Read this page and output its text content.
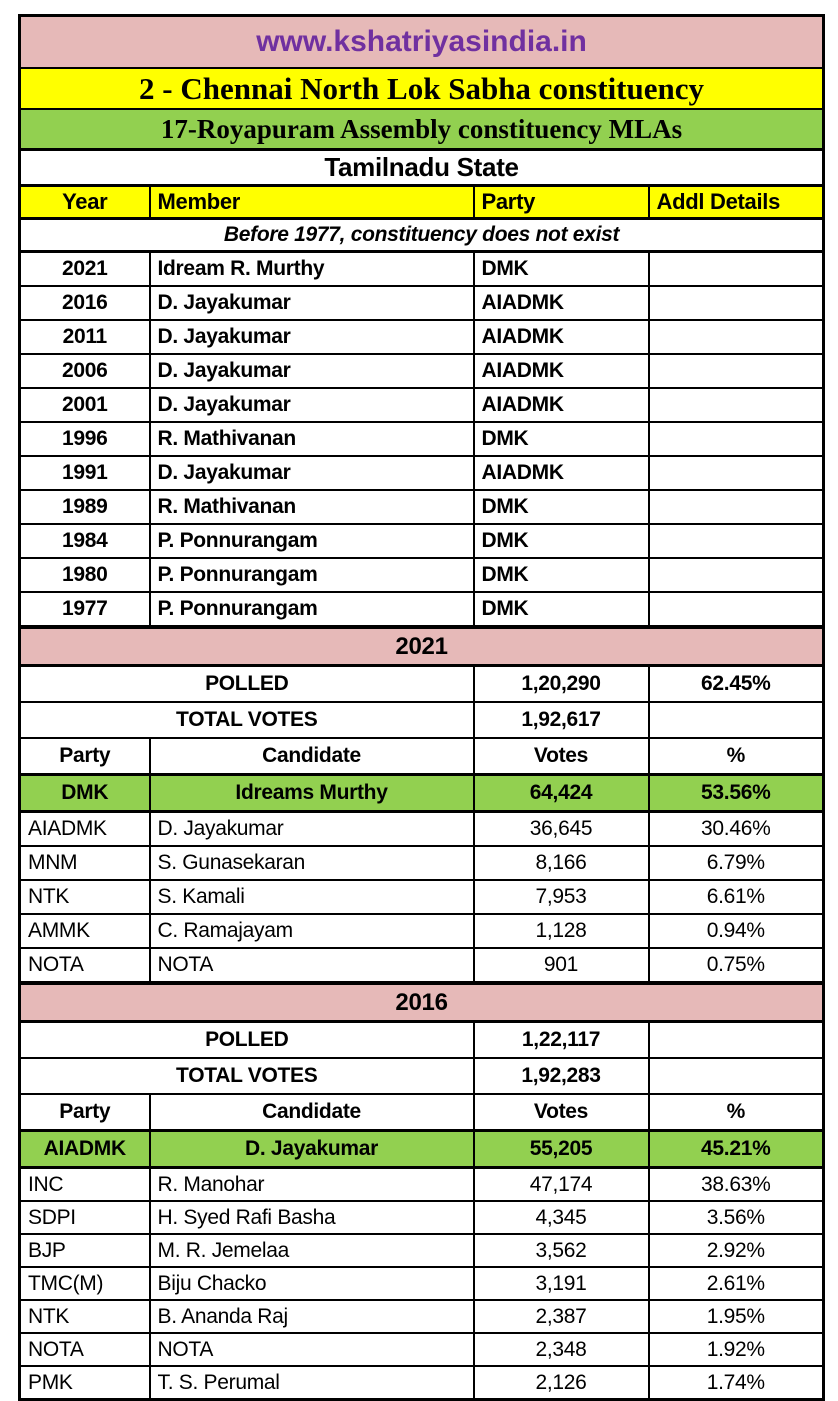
www.kshatriyasindia.in			
2 - Chennai North Lok Sabha constituency			
17-Royapuram Assembly constituency MLAs			
Tamilnadu State			
Year	Member	Party	Addl Details
Before 1977, constituency does not exist			
2021	Idream R. Murthy	DMK	
2016	D. Jayakumar	AIADMK	
2011	D. Jayakumar	AIADMK	
2006	D. Jayakumar	AIADMK	
2001	D. Jayakumar	AIADMK	
1996	R. Mathivanan	DMK	
1991	D. Jayakumar	AIADMK	
1989	R. Mathivanan	DMK	
1984	P. Ponnurangam	DMK	
1980	P. Ponnurangam	DMK	
1977	P. Ponnurangam	DMK	
2021			
POLLED		1,20,290	62.45%
TOTAL VOTES		1,92,617	
Party	Candidate	Votes	%
DMK	Idreams Murthy	64,424	53.56%
AIADMK	D. Jayakumar	36,645	30.46%
MNM	S. Gunasekaran	8,166	6.79%
NTK	S. Kamali	7,953	6.61%
AMMK	C. Ramajayam	1,128	0.94%
NOTA	NOTA	901	0.75%
2016			
POLLED		1,22,117	
TOTAL VOTES		1,92,283	
Party	Candidate	Votes	%
AIADMK	D. Jayakumar	55,205	45.21%
INC	R. Manohar	47,174	38.63%
SDPI	H. Syed Rafi Basha	4,345	3.56%
BJP	M. R. Jemelaa	3,562	2.92%
TMC(M)	Biju Chacko	3,191	2.61%
NTK	B. Ananda Raj	2,387	1.95%
NOTA	NOTA	2,348	1.92%
PMK	T. S. Perumal	2,126	1.74%
